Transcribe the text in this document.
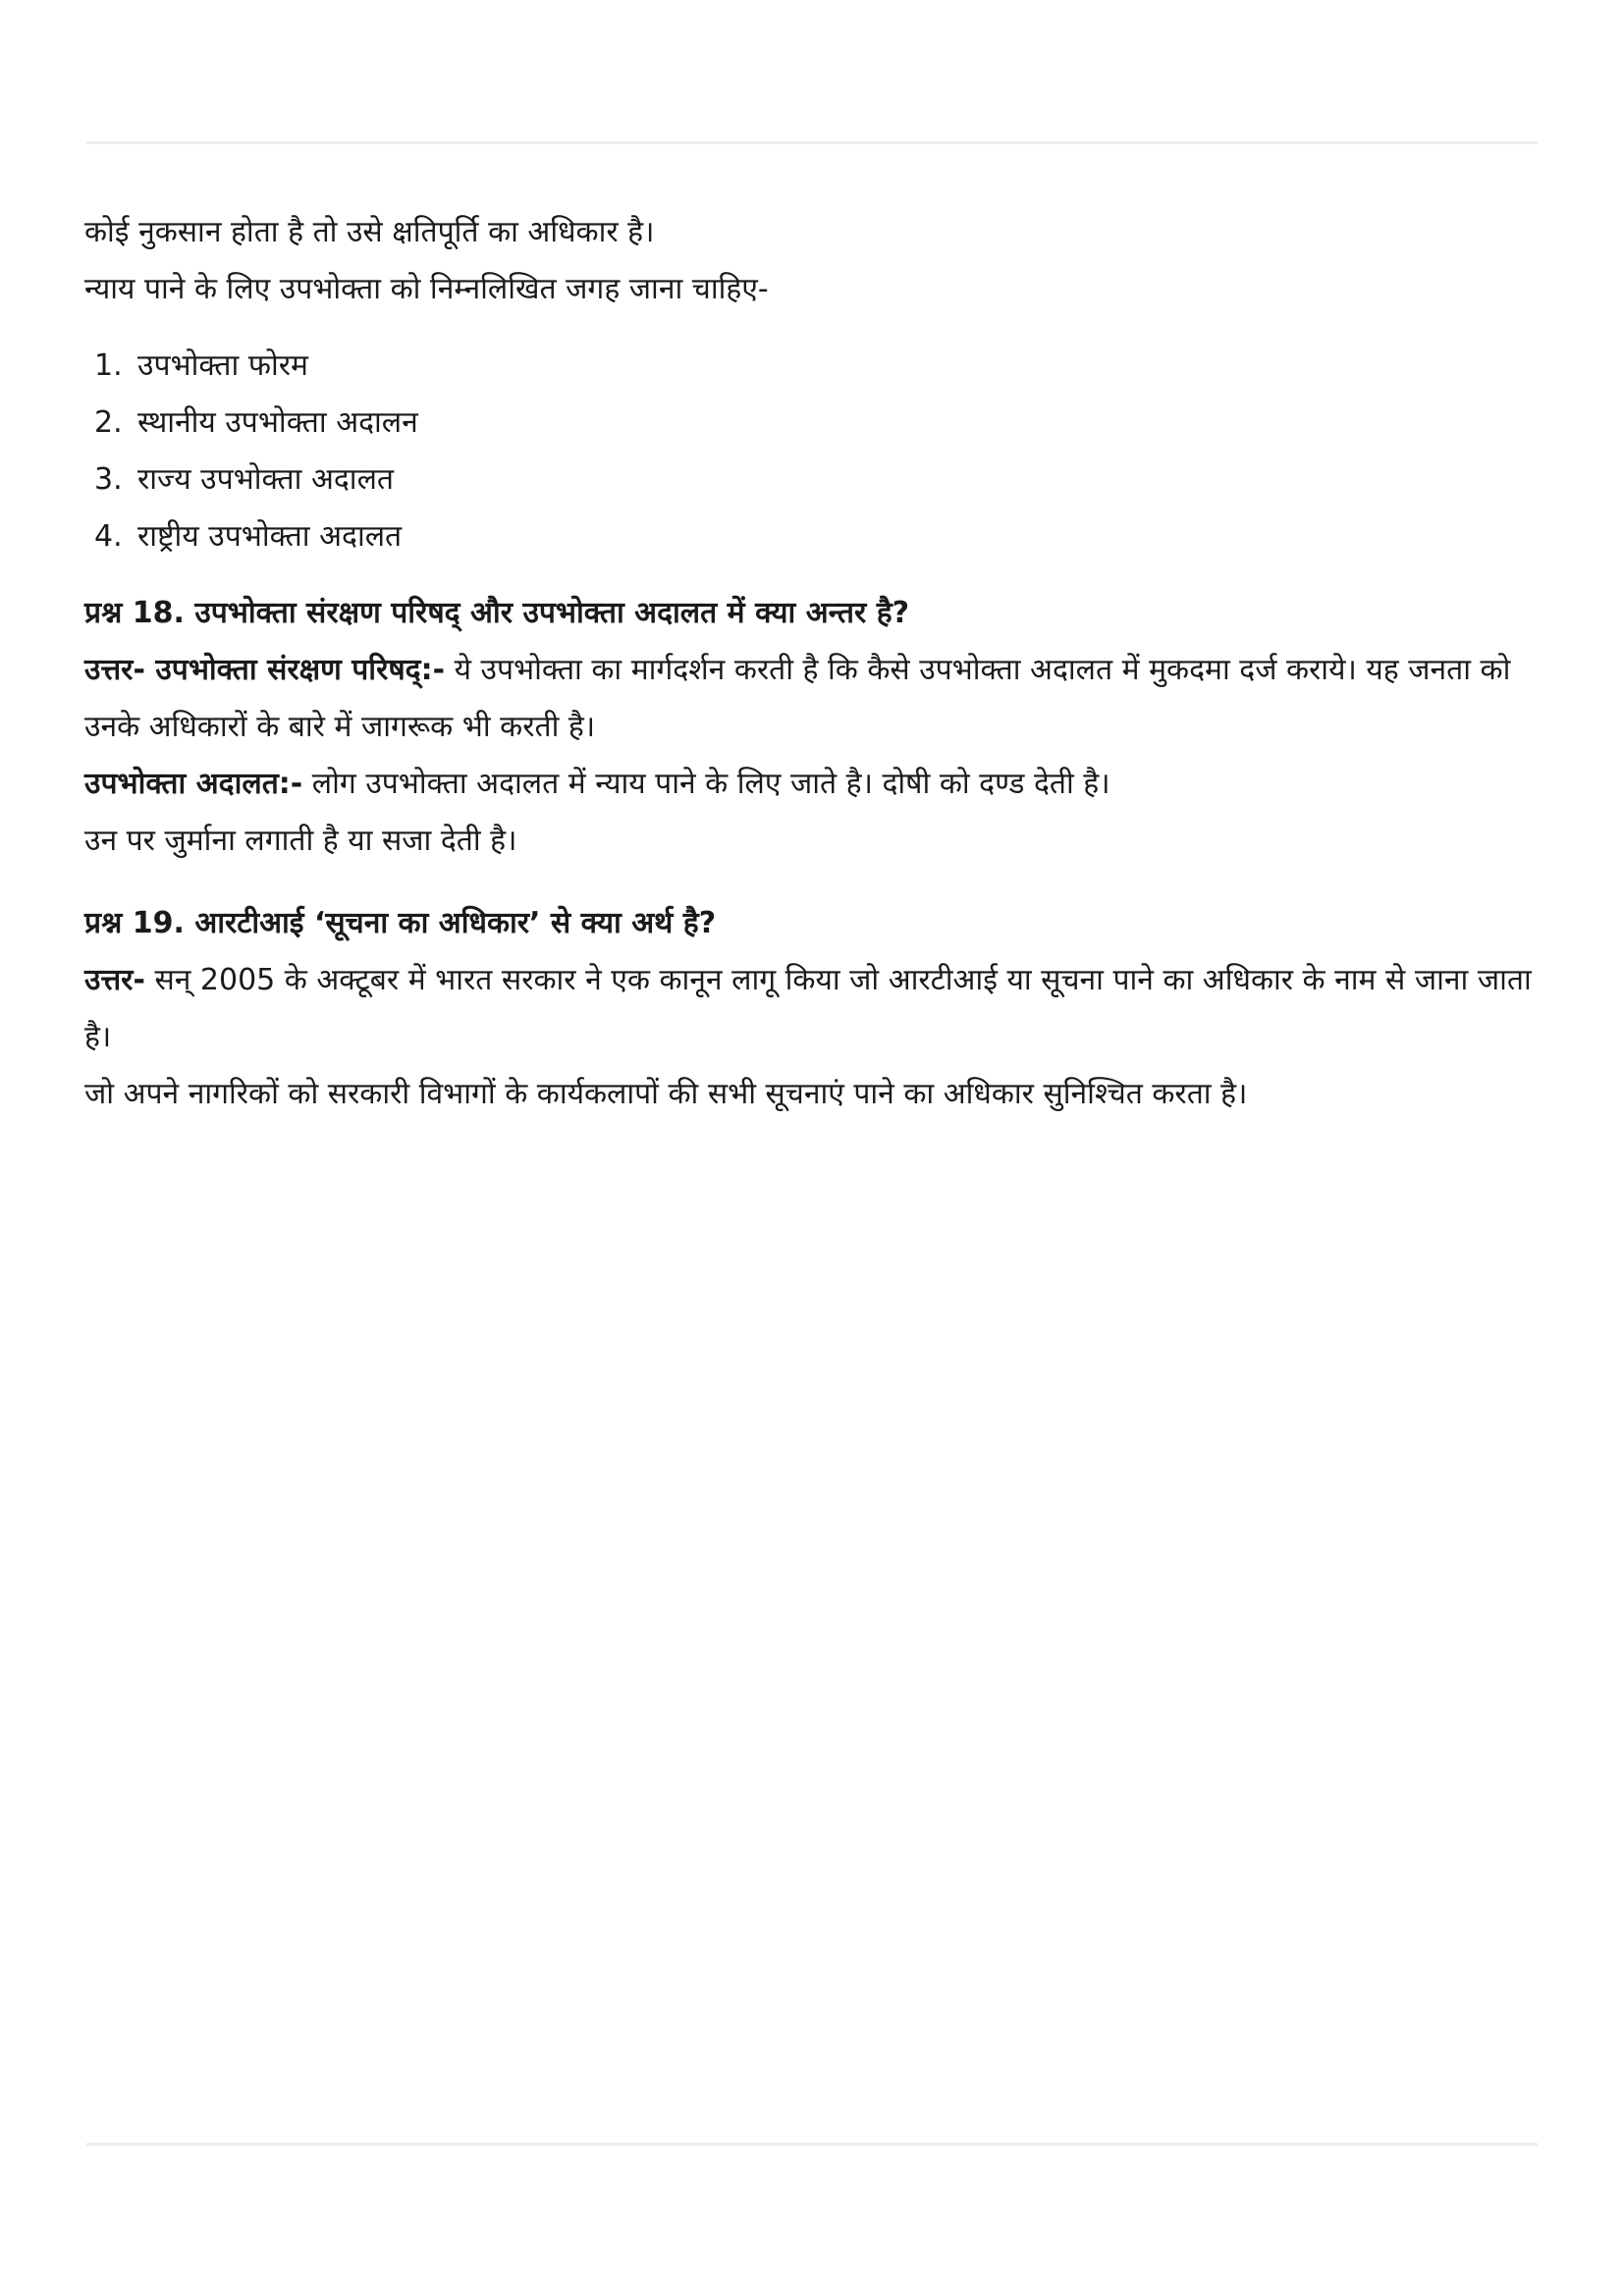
कोई नुकसान होता है तो उसे क्षतिपूर्ति का अधिकार है।

न्याय पाने के लिए उपभोक्ता को निम्नलिखित जगह जाना चाहिए-

1. उपभोक्ता फोरम
2. स्थानीय उपभोक्ता अदालन
3. राज्य उपभोक्ता अदालत
4. राष्ट्रीय उपभोक्ता अदालत

प्रश्न 18. उपभोक्ता संरक्षण परिषद् और उपभोक्ता अदालत में क्या अन्तर है?

उत्तर- उपभोक्ता संरक्षण परिषद्:- ये उपभोक्ता का मार्गदर्शन करती है कि कैसे उपभोक्ता अदालत में मुकदमा दर्ज कराये। यह जनता को उनके अधिकारों के बारे में जागरूक भी करती है।

उपभोक्ता अदालत:- लोग उपभोक्ता अदालत में न्याय पाने के लिए जाते है। दोषी को दण्ड देती है।

उन पर जुर्माना लगाती है या सजा देती है।

प्रश्न 19. आरटीआई ‘सूचना का अधिकार’ से क्या अर्थ है?

उत्तर- सन् 2005 के अक्टूबर में भारत सरकार ने एक कानून लागू किया जो आरटीआई या सूचना पाने का अधिकार के नाम से जाना जाता है।

जो अपने नागरिकों को सरकारी विभागों के कार्यकलापों की सभी सूचनाएं पाने का अधिकार सुनिश्चित करता है।
